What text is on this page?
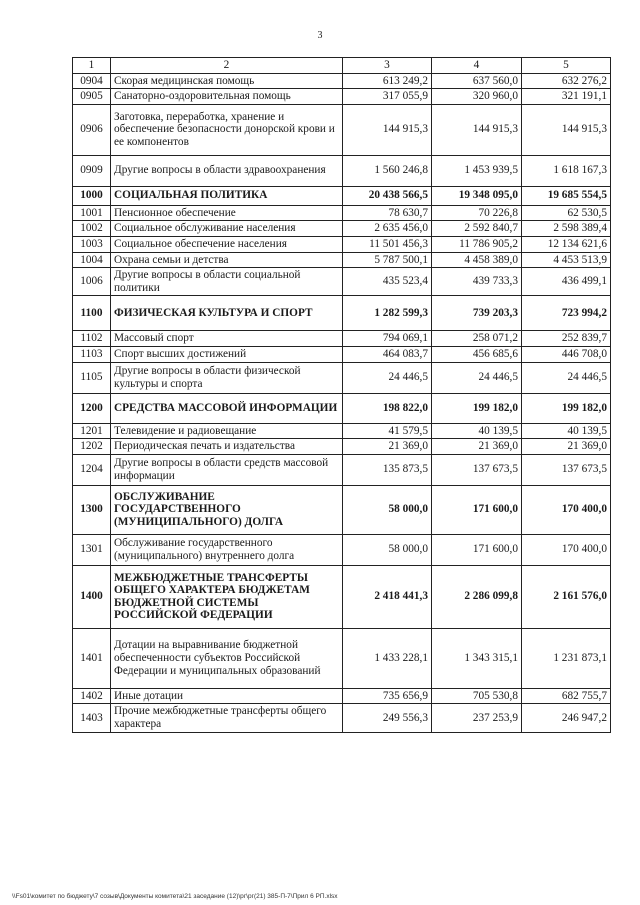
3
1	2	3	4	5
0904	Скорая медицинская помощь	613 249,2	637 560,0	632 276,2
0905	Санаторно-оздоровительная помощь	317 055,9	320 960,0	321 191,1
0906	Заготовка, переработка, хранение и обеспечение безопасности донорской крови и ее компонентов	144 915,3	144 915,3	144 915,3
0909	Другие вопросы в области здравоохранения	1 560 246,8	1 453 939,5	1 618 167,3
1000	СОЦИАЛЬНАЯ ПОЛИТИКА	20 438 566,5	19 348 095,0	19 685 554,5
1001	Пенсионное обеспечение	78 630,7	70 226,8	62 530,5
1002	Социальное обслуживание населения	2 635 456,0	2 592 840,7	2 598 389,4
1003	Социальное обеспечение населения	11 501 456,3	11 786 905,2	12 134 621,6
1004	Охрана семьи и детства	5 787 500,1	4 458 389,0	4 453 513,9
1006	Другие вопросы в области социальной политики	435 523,4	439 733,3	436 499,1
1100	ФИЗИЧЕСКАЯ КУЛЬТУРА И СПОРТ	1 282 599,3	739 203,3	723 994,2
1102	Массовый спорт	794 069,1	258 071,2	252 839,7
1103	Спорт высших достижений	464 083,7	456 685,6	446 708,0
1105	Другие вопросы в области физической культуры и спорта	24 446,5	24 446,5	24 446,5
1200	СРЕДСТВА МАССОВОЙ ИНФОРМАЦИИ	198 822,0	199 182,0	199 182,0
1201	Телевидение и радиовещание	41 579,5	40 139,5	40 139,5
1202	Периодическая печать и издательства	21 369,0	21 369,0	21 369,0
1204	Другие вопросы в области средств массовой информации	135 873,5	137 673,5	137 673,5
1300	ОБСЛУЖИВАНИЕ ГОСУДАРСТВЕННОГО (МУНИЦИПАЛЬНОГО) ДОЛГА	58 000,0	171 600,0	170 400,0
1301	Обслуживание государственного (муниципального) внутреннего долга	58 000,0	171 600,0	170 400,0
1400	МЕЖБЮДЖЕТНЫЕ ТРАНСФЕРТЫ ОБЩЕГО ХАРАКТЕРА БЮДЖЕТАМ БЮДЖЕТНОЙ СИСТЕМЫ РОССИЙСКОЙ ФЕДЕРАЦИИ	2 418 441,3	2 286 099,8	2 161 576,0
1401	Дотации на выравнивание бюджетной обеспеченности субъектов Российской Федерации и муниципальных образований	1 433 228,1	1 343 315,1	1 231 873,1
1402	Иные дотации	735 656,9	705 530,8	682 755,7
1403	Прочие межбюджетные трансферты общего характера	249 556,3	237 253,9	246 947,2
\\Fs01\комитет по бюджету\7 созыв\Документы комитета\21 заседание (12)\рг\рг(21) 385-П-7\Прил 6 РП.xlsx
